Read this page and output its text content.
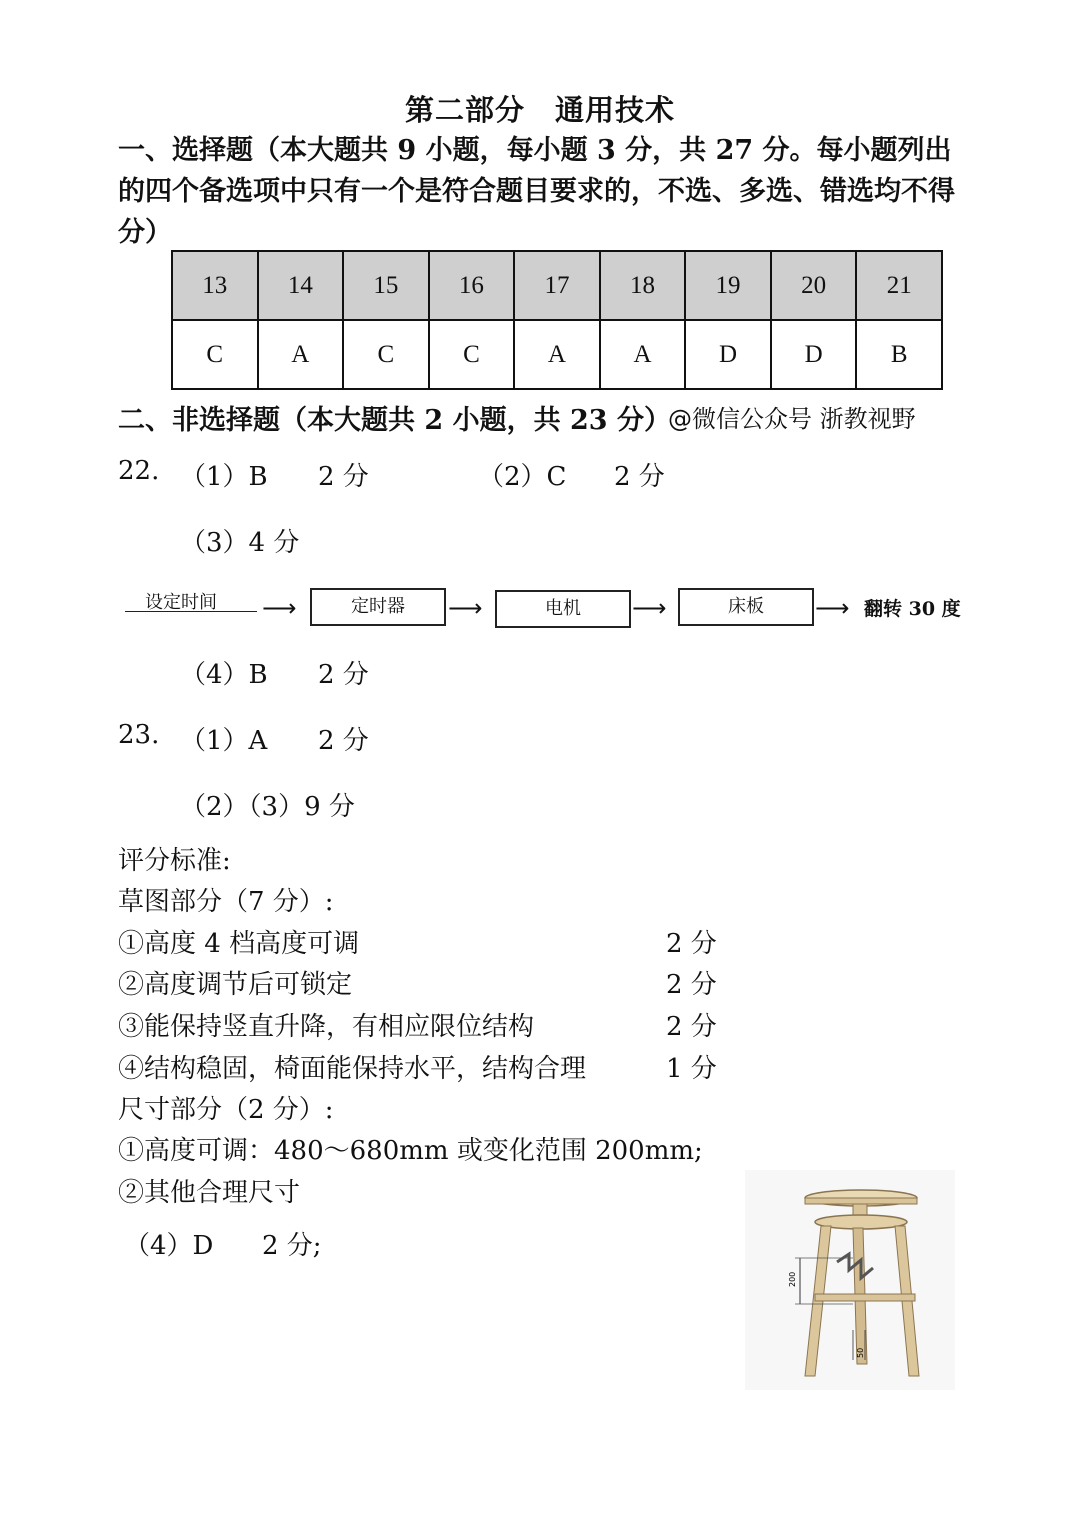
第二部分　通用技术
一、选择题（本大题共 9 小题，每小题 3 分，共 27 分。每小题列出的四个备选项中只有一个是符合题目要求的，不选、多选、错选均不得分）
13	14	15	16	17	18	19	20	21
C	A	C	C	A	A	D	D	B
二、非选择题（本大题共 2 小题，共 23 分）
@微信公众号 浙教视野
22. （1）B 2 分	（2）C 2 分
（3）4 分
设定时间 ⟶	定时器	⟶	电机	⟶	床板	⟶ 翻转 30 度
（4）B 2 分
23. （1）A 2 分
（2）（3）9 分
评分标准:
草图部分（7 分）:
①高度 4 档高度可调	2 分
②高度调节后可锁定	2 分
③能保持竖直升降，有相应限位结构	2 分
④结构稳固，椅面能保持水平，结构合理	1 分
尺寸部分（2 分）:
①高度可调：480～680mm 或变化范围 200mm;
②其他合理尺寸
（4）D 2 分;
200
50
